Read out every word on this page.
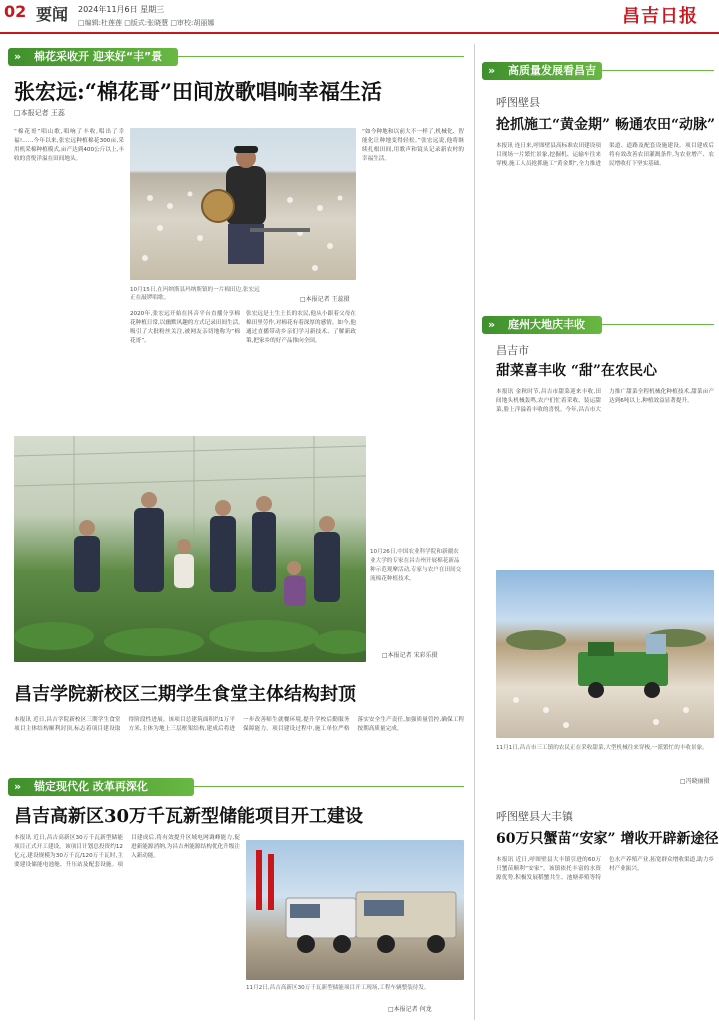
02 要闻 2024年11月6日 星期三
□编辑:杜莲莲 □版式:张晓慧 □审校:胡丽娜	昌吉日报
» 棉花采收开 迎来好“丰”景
张宏远:“棉花哥”田间放歌唱响幸福生活
□本报记者 王蕊
“棉花哥”唱山歌,唱响了丰收,唱出了幸福!……今年以来,张宏远种植棉花300亩,采用机采棉种植模式,亩产达到400公斤以上,丰收的喜悦洋溢在田间地头。
10月15日,在玛纳斯县玛纳斯镇的一片棉田边,张宏远正在敲锣唱歌。	□本报记者 王蕊摄
2020年,张宏远开始在抖音平台直播分享棉花种植日常,以幽默风趣的方式记录田间生活,吸引了大批粉丝关注,被网友亲切地称为“棉花哥”。
张宏远是土生土长的农民,他从小跟着父母在棉田里劳作,对棉花有着深厚的感情。如今,他通过直播带动乡亲们学习新技术、了解新政策,把家乡的好产品推向全国。
“如今种地和以前大不一样了,机械化、智能化让种地变得轻松。”张宏远说,他将继续扎根田间,用歌声和镜头记录新农村的幸福生活。
10月26日,中国农业科学院和新疆农业大学的专家在昌吉州开展棉花新品种示范观摩活动,专家与农户在田间交流棉花种植技术。
□本报记者 宋彩乐摄
昌吉学院新校区三期学生食堂主体结构封顶
本报讯 近日,昌吉学院新校区三期学生食堂项目主体结构顺利封顶,标志着项目建设取得阶段性进展。该项目总建筑面积约1万平方米,主体为地上三层框架结构,建成后将进一步改善师生就餐环境,提升学校后勤服务保障能力。项目建设过程中,施工单位严格落实安全生产责任,加强质量管控,确保工程按期高质量完成。
» 锚定现代化 改革再深化
昌吉高新区30万千瓦新型储能项目开工建设
本报讯 近日,昌吉高新区30万千瓦新型储能项目正式开工建设。该项目计划总投资约12亿元,建设规模为30万千瓦/120万千瓦时,主要建设储能电池舱、升压站及配套设施。项目建成后,将有效提升区域电网调峰能力,促进新能源消纳,为昌吉州能源结构优化升级注入新动能。
11月2日,昌吉高新区30万千瓦新型储能项目开工现场,工程车辆整装待发。
□本报记者 何龙
» 高质量发展看昌吉
呼图壁县
抢抓施工“黄金期” 畅通农田“动脉”
本报讯 连日来,呼图壁县高标准农田建设项目现场一片繁忙景象,挖掘机、运输车往来穿梭,施工人员抢抓施工“黄金期”,全力推进渠道、道路及配套设施建设。项目建成后将有效改善农田灌溉条件,为农业增产、农民增收打下坚实基础。
» 庭州大地庆丰收
昌吉市
甜菜喜丰收 “甜”在农民心
本报讯 金秋时节,昌吉市甜菜迎来丰收,田间地头机械轰鸣,农户们忙着采收、装运甜菜,脸上洋溢着丰收的喜悦。今年,昌吉市大力推广甜菜全程机械化种植技术,甜菜亩产达到6吨以上,种植效益显著提升。
11月1日,昌吉市三工镇的农民正在采收甜菜,大型机械往来穿梭,一派繁忙的丰收景象。
□冯晓丽摄
呼图壁县大丰镇
60万只蟹苗“安家” 增收开辟新途径
本报讯 近日,呼图壁县大丰镇引进的60万只蟹苗顺利“安家”。该镇依托丰富的水资源优势,积极发展稻蟹共生、池塘养殖等特色水产养殖产业,拓宽群众增收渠道,助力乡村产业振兴。
